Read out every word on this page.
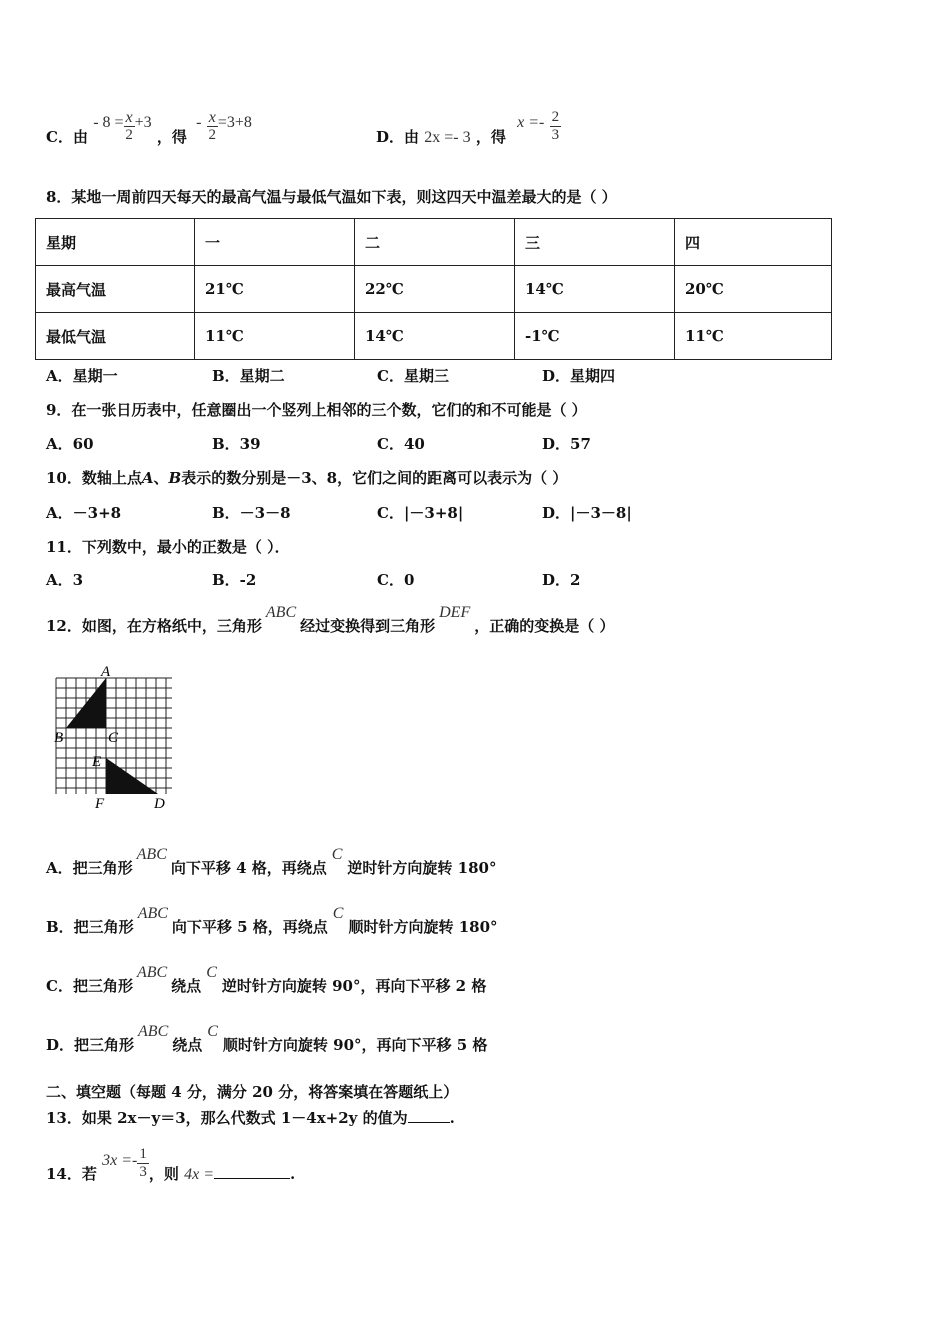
C．由 - $8 = \frac{x}{2} +3$ ，得 - $\frac{x}{2} =3+8$
D．由 2x =- 3 ，得 $x =- \frac{2}{3}$
8．某地一周前四天每天的最高气温与最低气温如下表，则这四天中温差最大的是（ ）
星期	一	二	三	四
最高气温	21℃	22℃	14℃	20℃
最低气温	11℃	14℃	-1℃	11℃
A．星期一	B．星期二	C．星期三	D．星期四
9．在一张日历表中，任意圈出一个竖列上相邻的三个数，它们的和不可能是（ ）
A．60	B．39	C．40	D．57
10．数轴上点A、B表示的数分别是－3、8，它们之间的距离可以表示为（ ）
A．－3+8	B．－3－8	C．|－3+8|	D．|－3－8|
11．下列数中，最小的正数是（ ）．
A．3	B．-2	C．0	D．2
12．如图，在方格纸中，三角形ABC经过变换得到三角形DEF，正确的变换是（ ）
A
B	C
E
F	D
A．把三角形ABC向下平移 4 格，再绕点C逆时针方向旋转 180°
B．把三角形ABC向下平移 5 格，再绕点C顺时针方向旋转 180°
C．把三角形ABC绕点C逆时针方向旋转 90°，再向下平移 2 格
D．把三角形ABC绕点C顺时针方向旋转 90°，再向下平移 5 格
二、填空题（每题 4 分，满分 20 分，将答案填在答题纸上）
13．如果 2x－y＝3，那么代数式 1－4x+2y 的值为	.
14．若 $3x =- \frac{1}{3}$ ，则 4x =	.
